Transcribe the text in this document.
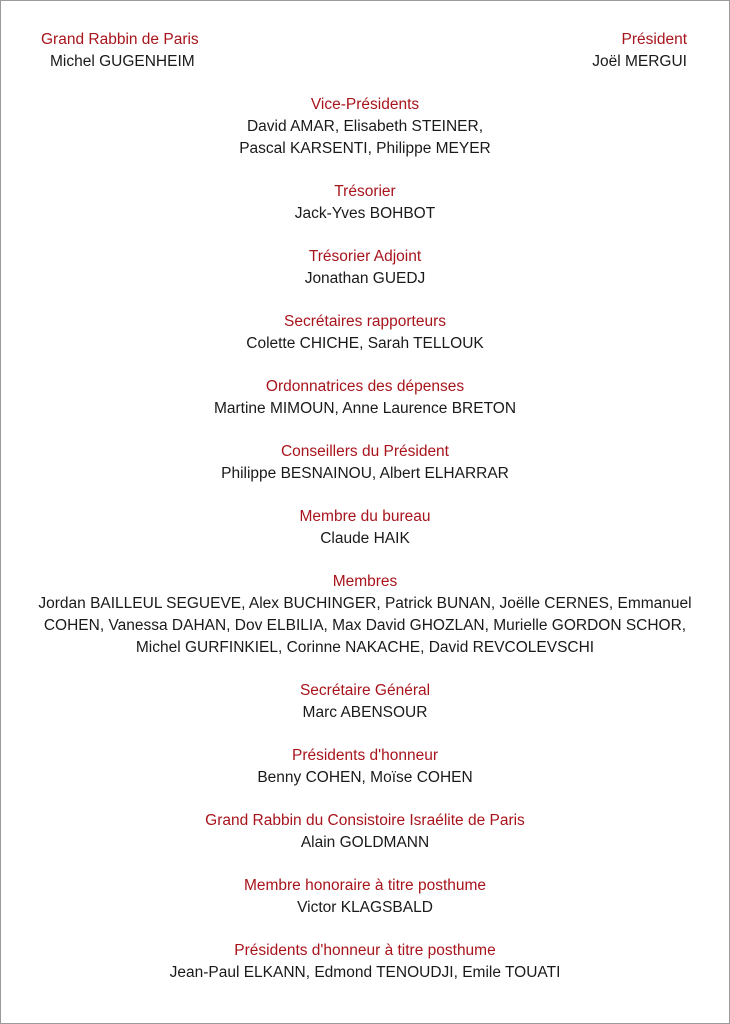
Grand Rabbin de Paris
Michel GUGENHEIM
Président
Joël MERGUI
Vice-Présidents
David AMAR, Elisabeth STEINER,
Pascal KARSENTI, Philippe MEYER
Trésorier
Jack-Yves BOHBOT
Trésorier Adjoint
Jonathan GUEDJ
Secrétaires rapporteurs
Colette CHICHE, Sarah TELLOUK
Ordonnatrices des dépenses
Martine MIMOUN, Anne Laurence BRETON
Conseillers du Président
Philippe BESNAINOU, Albert ELHARRAR
Membre du bureau
Claude HAIK
Membres
Jordan BAILLEUL SEGUEVE, Alex BUCHINGER, Patrick BUNAN, Joëlle CERNES, Emmanuel
COHEN, Vanessa DAHAN, Dov ELBILIA, Max David GHOZLAN, Murielle GORDON SCHOR,
Michel GURFINKIEL, Corinne NAKACHE, David REVCOLEVSCHI
Secrétaire Général
Marc ABENSOUR
Présidents d'honneur
Benny COHEN, Moïse COHEN
Grand Rabbin du Consistoire Israélite de Paris
Alain GOLDMANN
Membre honoraire à titre posthume
Victor KLAGSBALD
Présidents d'honneur à titre posthume
Jean-Paul ELKANN, Edmond TENOUDJI, Emile TOUATI
